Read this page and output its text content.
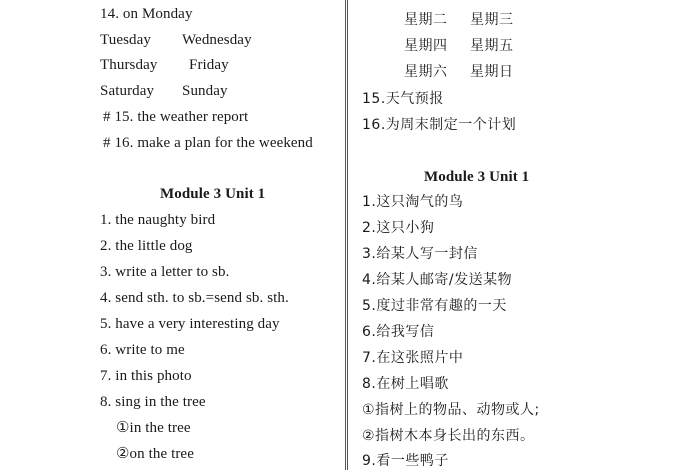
14. on Monday
Tuesday Wednesday
Thursday Friday
Saturday Sunday
# 15. the weather report
# 16. make a plan for the weekend
Module 3 Unit 1
1. the naughty bird
2. the little dog
3. write a letter to sb.
4. send sth. to sb.=send sb. sth.
5. have a very interesting day
6. write to me
7. in this photo
8. sing in the tree
①in the tree
②on the tree
星期二 星期三
星期四 星期五
星期六 星期日
15.天气预报
16.为周末制定一个计划
Module 3 Unit 1
1.这只淘气的鸟
2.这只小狗
3.给某人写一封信
4.给某人邮寄/发送某物
5.度过非常有趣的一天
6.给我写信
7.在这张照片中
8.在树上唱歌
①指树上的物品、动物或人;
②指树木本身长出的东西。
9.看一些鸭子
